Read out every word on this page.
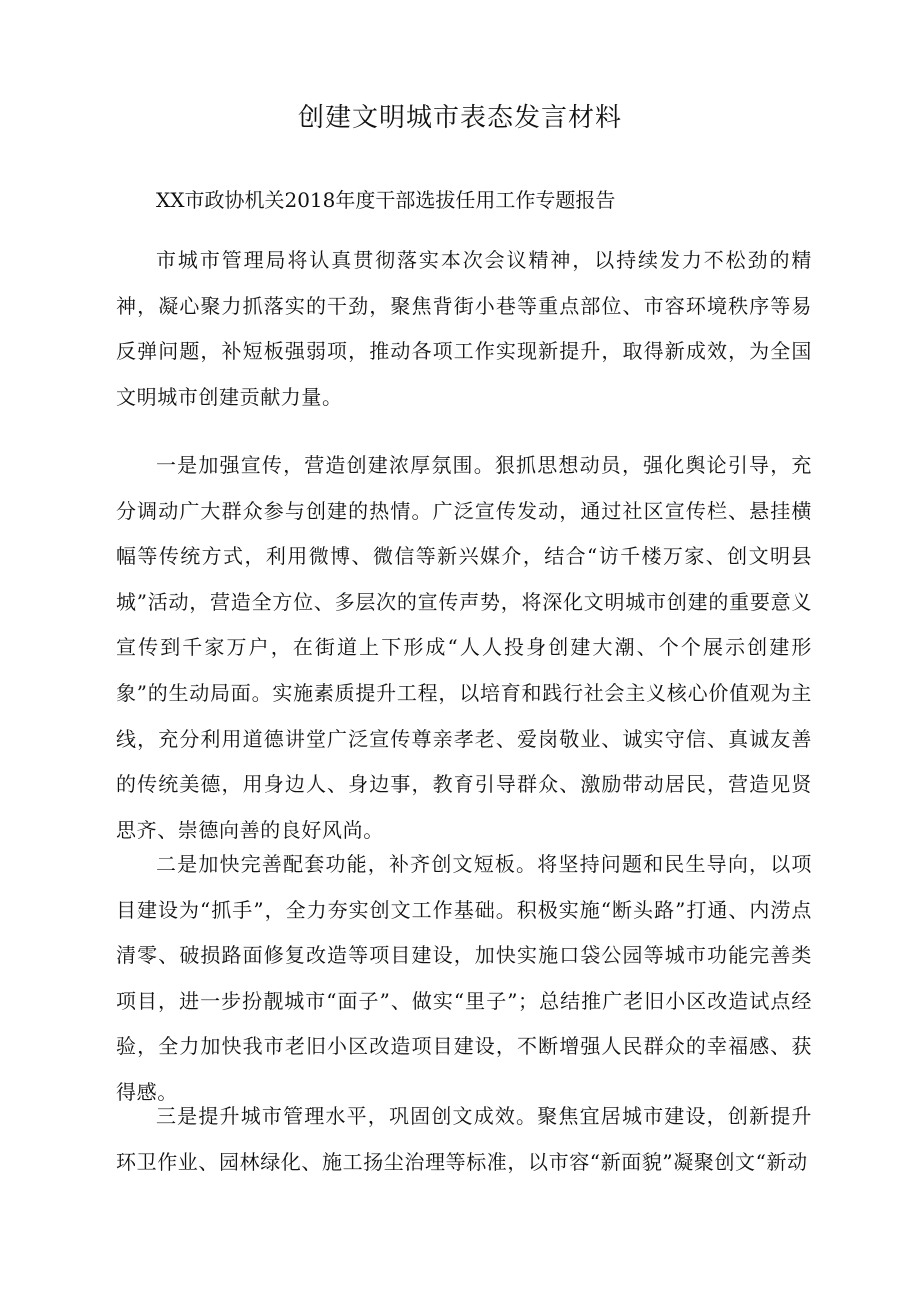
创建文明城市表态发言材料

XX市政协机关2018年度干部选拔任用工作专题报告

市城市管理局将认真贯彻落实本次会议精神，以持续发力不松劲的精神，凝心聚力抓落实的干劲，聚焦背街小巷等重点部位、市容环境秩序等易反弹问题，补短板强弱项，推动各项工作实现新提升，取得新成效，为全国文明城市创建贡献力量。

一是加强宣传，营造创建浓厚氛围。狠抓思想动员，强化舆论引导，充分调动广大群众参与创建的热情。广泛宣传发动，通过社区宣传栏、悬挂横幅等传统方式，利用微博、微信等新兴媒介，结合“访千楼万家、创文明县城”活动，营造全方位、多层次的宣传声势，将深化文明城市创建的重要意义宣传到千家万户，在街道上下形成“人人投身创建大潮、个个展示创建形象”的生动局面。实施素质提升工程，以培育和践行社会主义核心价值观为主线，充分利用道德讲堂广泛宣传尊亲孝老、爱岗敬业、诚实守信、真诚友善的传统美德，用身边人、身边事，教育引导群众、激励带动居民，营造见贤思齐、崇德向善的良好风尚。

二是加快完善配套功能，补齐创文短板。将坚持问题和民生导向，以项目建设为“抓手”，全力夯实创文工作基础。积极实施“断头路”打通、内涝点清零、破损路面修复改造等项目建设，加快实施口袋公园等城市功能完善类项目，进一步扮靓城市“面子”、做实“里子”；总结推广老旧小区改造试点经验，全力加快我市老旧小区改造项目建设，不断增强人民群众的幸福感、获得感。

三是提升城市管理水平，巩固创文成效。聚焦宜居城市建设，创新提升环卫作业、园林绿化、施工扬尘治理等标准，以市容“新面貌”凝聚创文“新动
